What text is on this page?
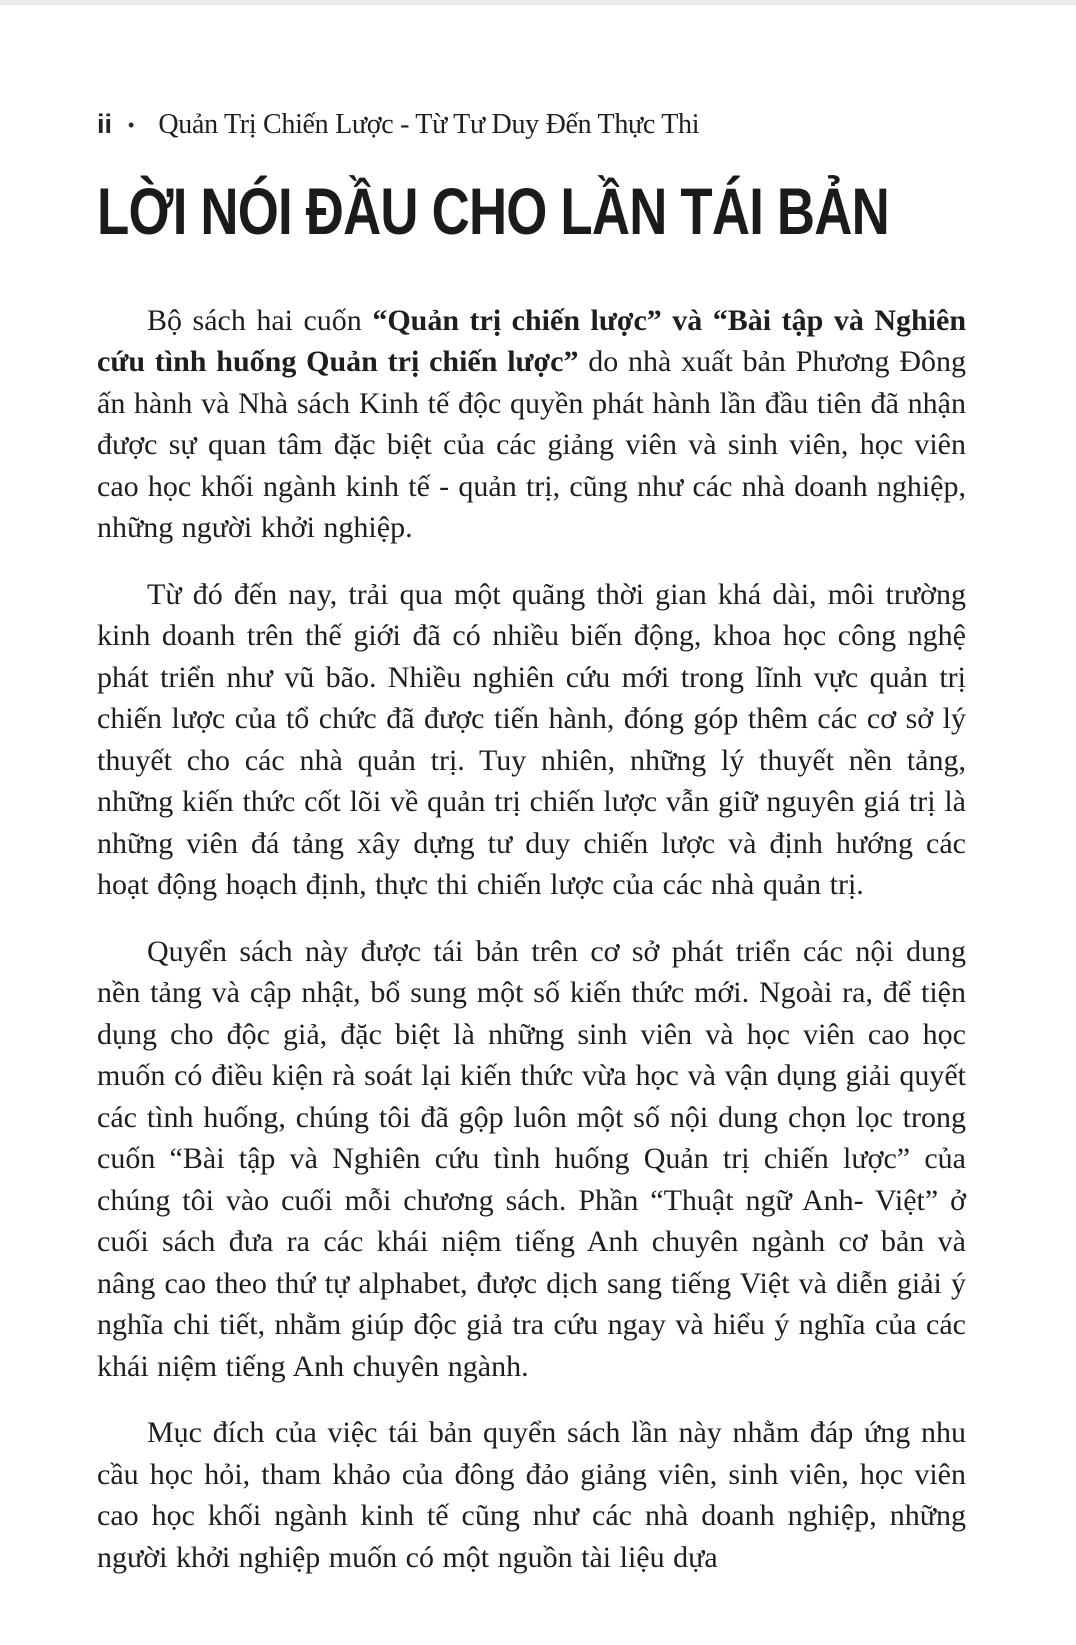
ii • Quản Trị Chiến Lược - Từ Tư Duy Đến Thực Thi
LỜI NÓI ĐẦU CHO LẦN TÁI BẢN

Bộ sách hai cuốn “Quản trị chiến lược” và “Bài tập và Nghiên cứu tình huống Quản trị chiến lược” do nhà xuất bản Phương Đông ấn hành và Nhà sách Kinh tế độc quyền phát hành lần đầu tiên đã nhận được sự quan tâm đặc biệt của các giảng viên và sinh viên, học viên cao học khối ngành kinh tế - quản trị, cũng như các nhà doanh nghiệp, những người khởi nghiệp.

Từ đó đến nay, trải qua một quãng thời gian khá dài, môi trường kinh doanh trên thế giới đã có nhiều biến động, khoa học công nghệ phát triển như vũ bão. Nhiều nghiên cứu mới trong lĩnh vực quản trị chiến lược của tổ chức đã được tiến hành, đóng góp thêm các cơ sở lý thuyết cho các nhà quản trị. Tuy nhiên, những lý thuyết nền tảng, những kiến thức cốt lõi về quản trị chiến lược vẫn giữ nguyên giá trị là những viên đá tảng xây dựng tư duy chiến lược và định hướng các hoạt động hoạch định, thực thi chiến lược của các nhà quản trị.

Quyển sách này được tái bản trên cơ sở phát triển các nội dung nền tảng và cập nhật, bổ sung một số kiến thức mới. Ngoài ra, để tiện dụng cho độc giả, đặc biệt là những sinh viên và học viên cao học muốn có điều kiện rà soát lại kiến thức vừa học và vận dụng giải quyết các tình huống, chúng tôi đã gộp luôn một số nội dung chọn lọc trong cuốn “Bài tập và Nghiên cứu tình huống Quản trị chiến lược” của chúng tôi vào cuối mỗi chương sách. Phần “Thuật ngữ Anh- Việt” ở cuối sách đưa ra các khái niệm tiếng Anh chuyên ngành cơ bản và nâng cao theo thứ tự alphabet, được dịch sang tiếng Việt và diễn giải ý nghĩa chi tiết, nhằm giúp độc giả tra cứu ngay và hiểu ý nghĩa của các khái niệm tiếng Anh chuyên ngành.

Mục đích của việc tái bản quyển sách lần này nhằm đáp ứng nhu cầu học hỏi, tham khảo của đông đảo giảng viên, sinh viên, học viên cao học khối ngành kinh tế cũng như các nhà doanh nghiệp, những người khởi nghiệp muốn có một nguồn tài liệu dựa
